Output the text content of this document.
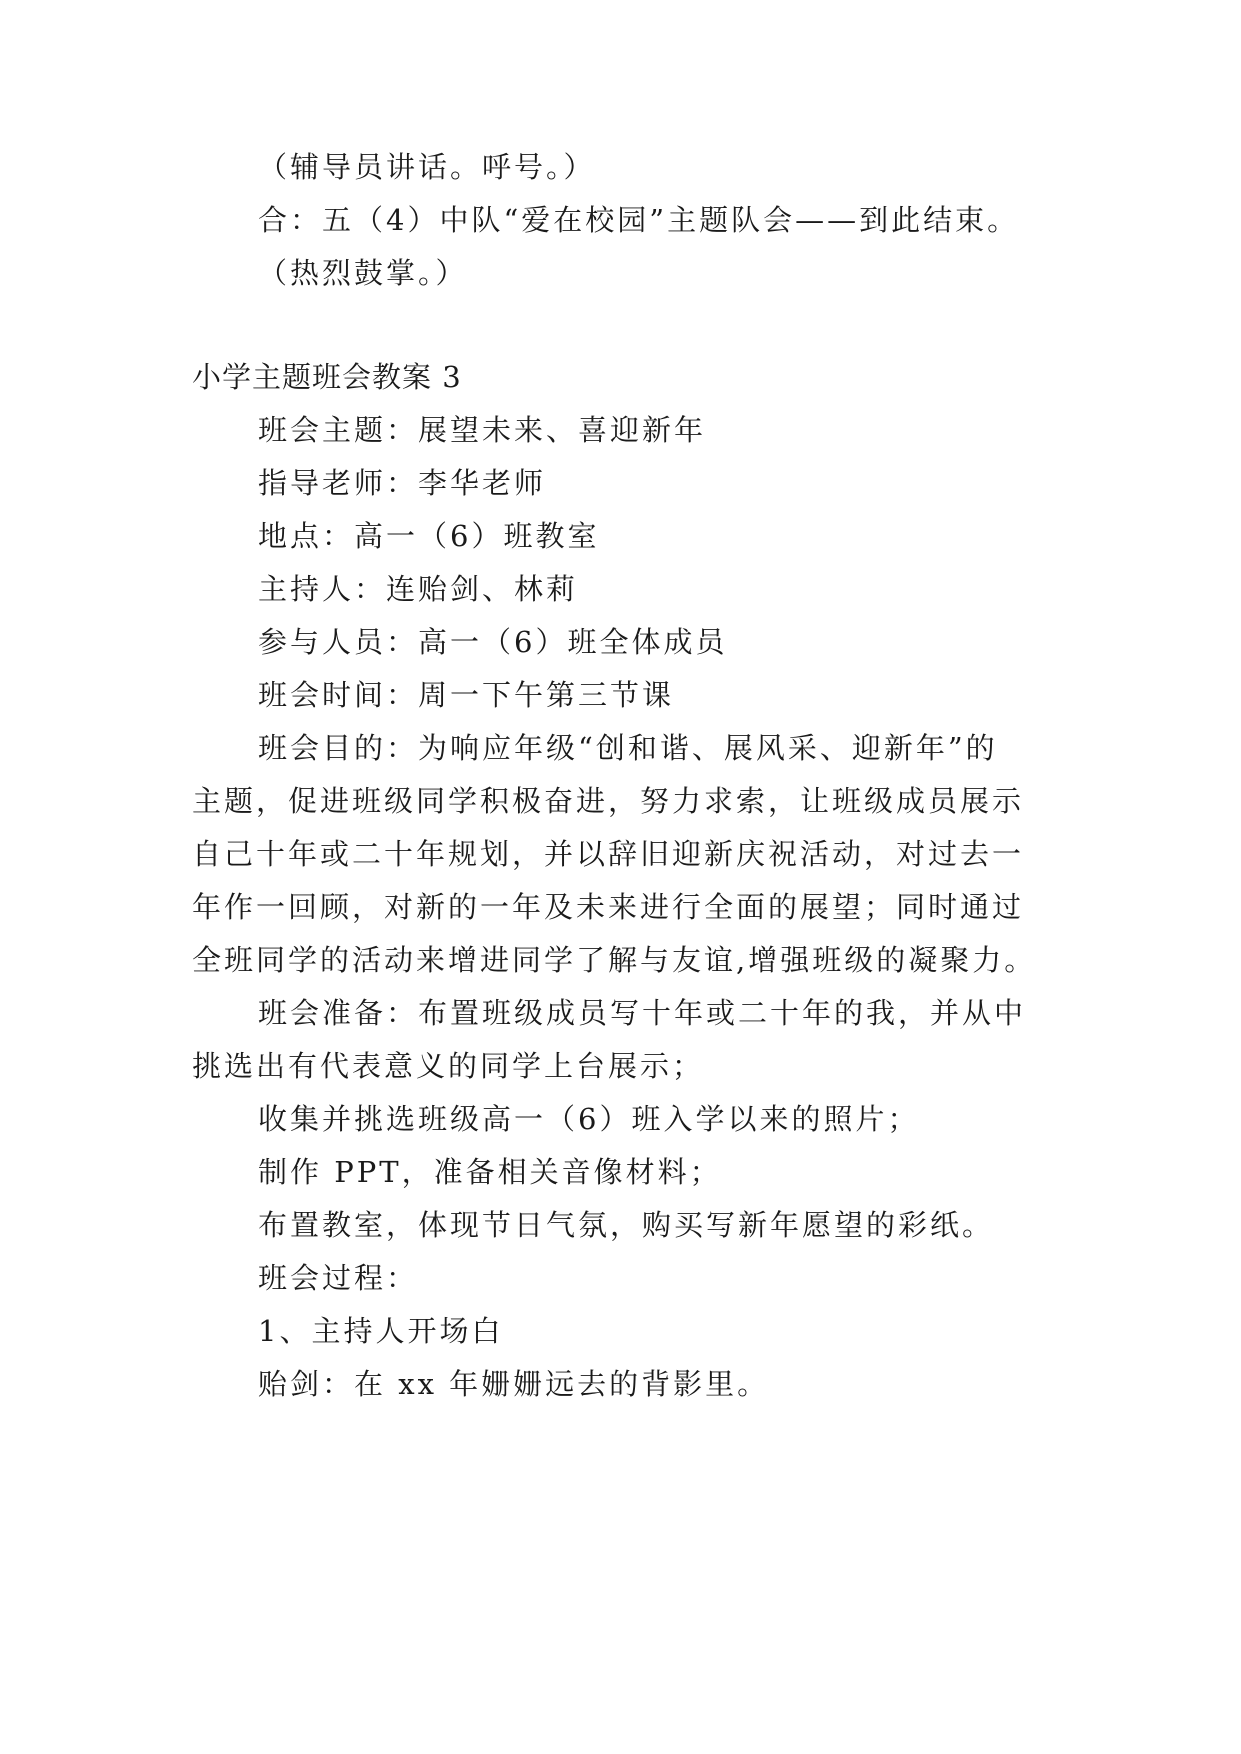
（辅导员讲话。呼号。）
合：五（4）中队“爱在校园”主题队会——到此结束。
（热烈鼓掌。）
小学主题班会教案 3
班会主题：展望未来、喜迎新年
指导老师：李华老师
地点：高一（6）班教室
主持人：连贻剑、林莉
参与人员：高一（6）班全体成员
班会时间：周一下午第三节课
班会目的：为响应年级“创和谐、展风采、迎新年”的
主题，促进班级同学积极奋进，努力求索，让班级成员展示
自己十年或二十年规划，并以辞旧迎新庆祝活动，对过去一
年作一回顾，对新的一年及未来进行全面的展望；同时通过
全班同学的活动来增进同学了解与友谊,增强班级的凝聚力。
班会准备：布置班级成员写十年或二十年的我，并从中
挑选出有代表意义的同学上台展示；
收集并挑选班级高一（6）班入学以来的照片；
制作 PPT，准备相关音像材料；
布置教室，体现节日气氛，购买写新年愿望的彩纸。
班会过程：
1、主持人开场白
贻剑：在 xx 年姗姗远去的背影里。
